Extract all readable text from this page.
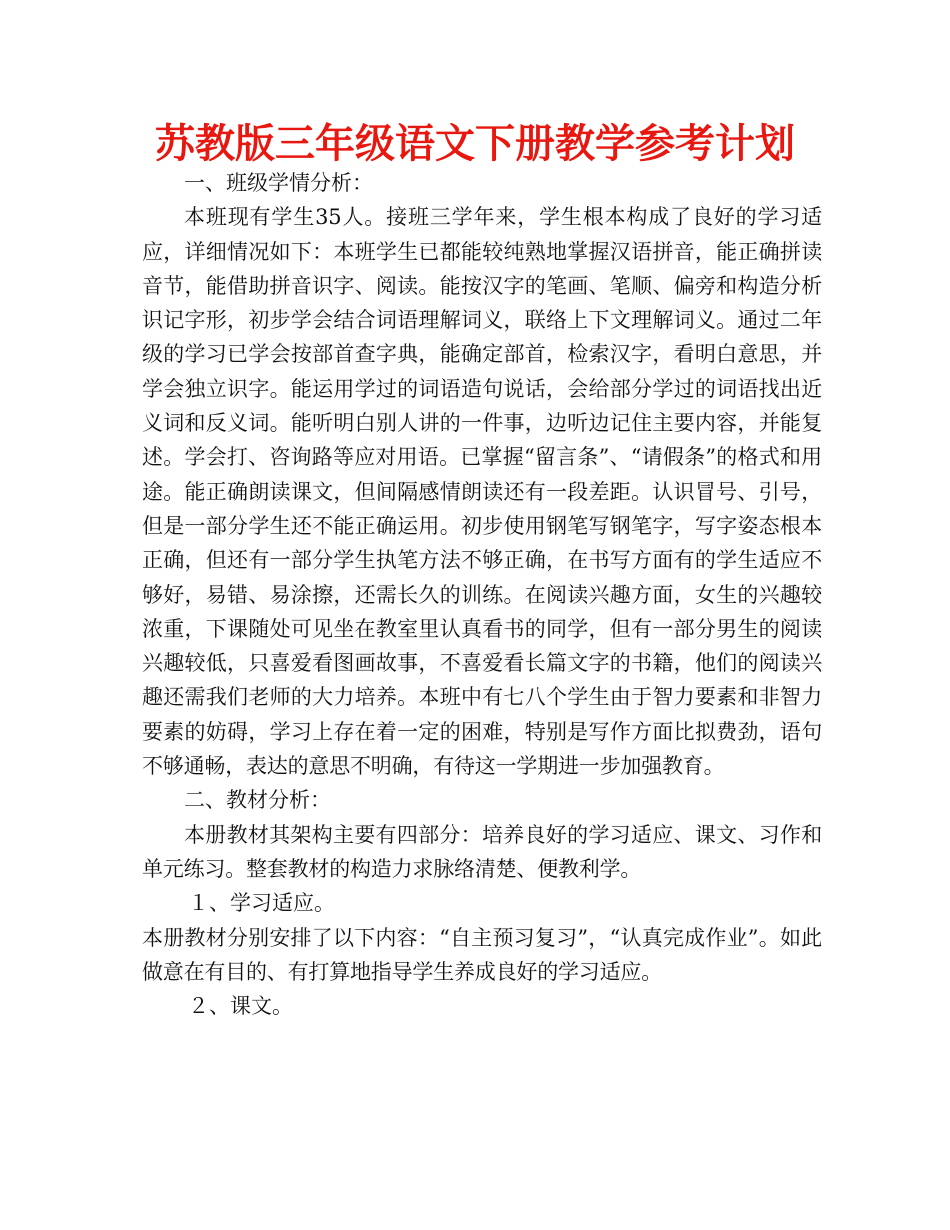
苏教版三年级语文下册教学参考计划

一、班级学情分析：

本班现有学生35人。接班三学年来，学生根本构成了良好的学习适应，详细情况如下：本班学生已都能较纯熟地掌握汉语拼音，能正确拼读音节，能借助拼音识字、阅读。能按汉字的笔画、笔顺、偏旁和构造分析识记字形，初步学会结合词语理解词义，联络上下文理解词义。通过二年级的学习已学会按部首查字典，能确定部首，检索汉字，看明白意思，并学会独立识字。能运用学过的词语造句说话，会给部分学过的词语找出近义词和反义词。能听明白别人讲的一件事，边听边记住主要内容，并能复述。学会打、咨询路等应对用语。已掌握“留言条”、“请假条”的格式和用途。能正确朗读课文，但间隔感情朗读还有一段差距。认识冒号、引号，但是一部分学生还不能正确运用。初步使用钢笔写钢笔字，写字姿态根本正确，但还有一部分学生执笔方法不够正确，在书写方面有的学生适应不够好，易错、易涂擦，还需长久的训练。在阅读兴趣方面，女生的兴趣较浓重，下课随处可见坐在教室里认真看书的同学，但有一部分男生的阅读兴趣较低，只喜爱看图画故事，不喜爱看长篇文字的书籍，他们的阅读兴趣还需我们老师的大力培养。本班中有七八个学生由于智力要素和非智力要素的妨碍，学习上存在着一定的困难，特别是写作方面比拟费劲，语句不够通畅，表达的意思不明确，有待这一学期进一步加强教育。

二、教材分析：

本册教材其架构主要有四部分：培养良好的学习适应、课文、习作和单元练习。整套教材的构造力求脉络清楚、便教利学。

１、学习适应。

本册教材分别安排了以下内容：“自主预习复习”，“认真完成作业”。如此做意在有目的、有打算地指导学生养成良好的学习适应。

２、课文。
